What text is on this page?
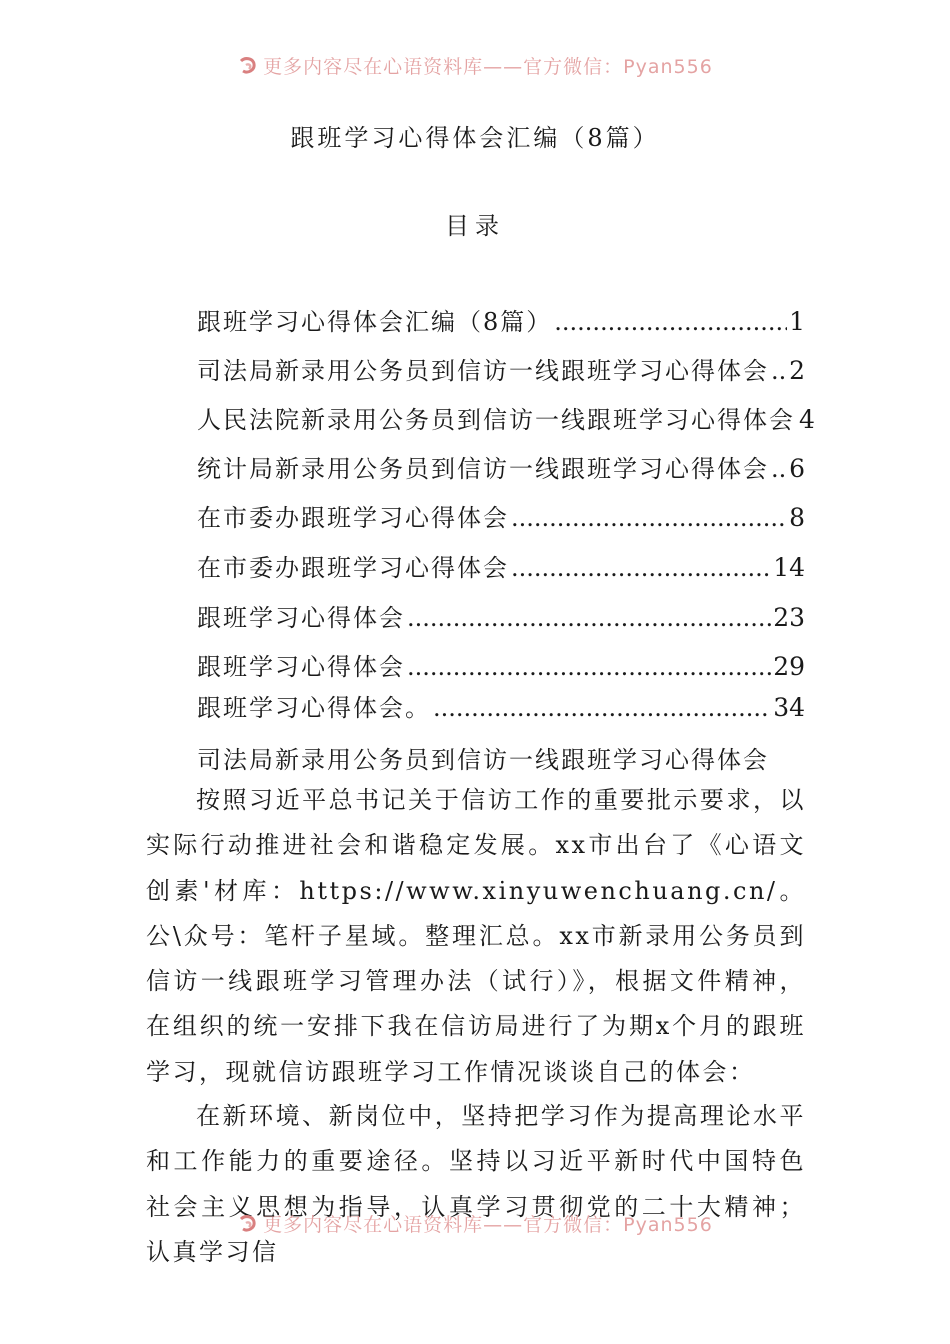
更多内容尽在心语资料库——官方微信：Pyan556
跟班学习心得体会汇编（8篇）
目录
跟班学习心得体会汇编（8篇） .....	1
司法局新录用公务员到信访一线跟班学习心得体会 ..... 2
人民法院新录用公务员到信访一线跟班学习心得体会 4
统计局新录用公务员到信访一线跟班学习心得体会 ..... 6
在市委办跟班学习心得体会 .....	8
在市委办跟班学习心得体会 .....	14
跟班学习心得体会 .....	23
跟班学习心得体会 .....	29
跟班学习心得体会。 .....	34
司法局新录用公务员到信访一线跟班学习心得体会

按照习近平总书记关于信访工作的重要批示要求，以实际行动推进社会和谐稳定发展。xx市出台了《心语文创素'材库：https://www.xinyuwenchuang.cn/。公\众号：笔杆子星域。整理汇总。xx市新录用公务员到信访一线跟班学习管理办法（试行）》，根据文件精神，在组织的统一安排下我在信访局进行了为期x个月的跟班学习，现就信访跟班学习工作情况谈谈自己的体会：

在新环境、新岗位中，坚持把学习作为提高理论水平和工作能力的重要途径。坚持以习近平新时代中国特色社会主义思想为指导，认真学习贯彻党的二十大精神；认真学习信

更多内容尽在心语资料库——官方微信：Pyan556
